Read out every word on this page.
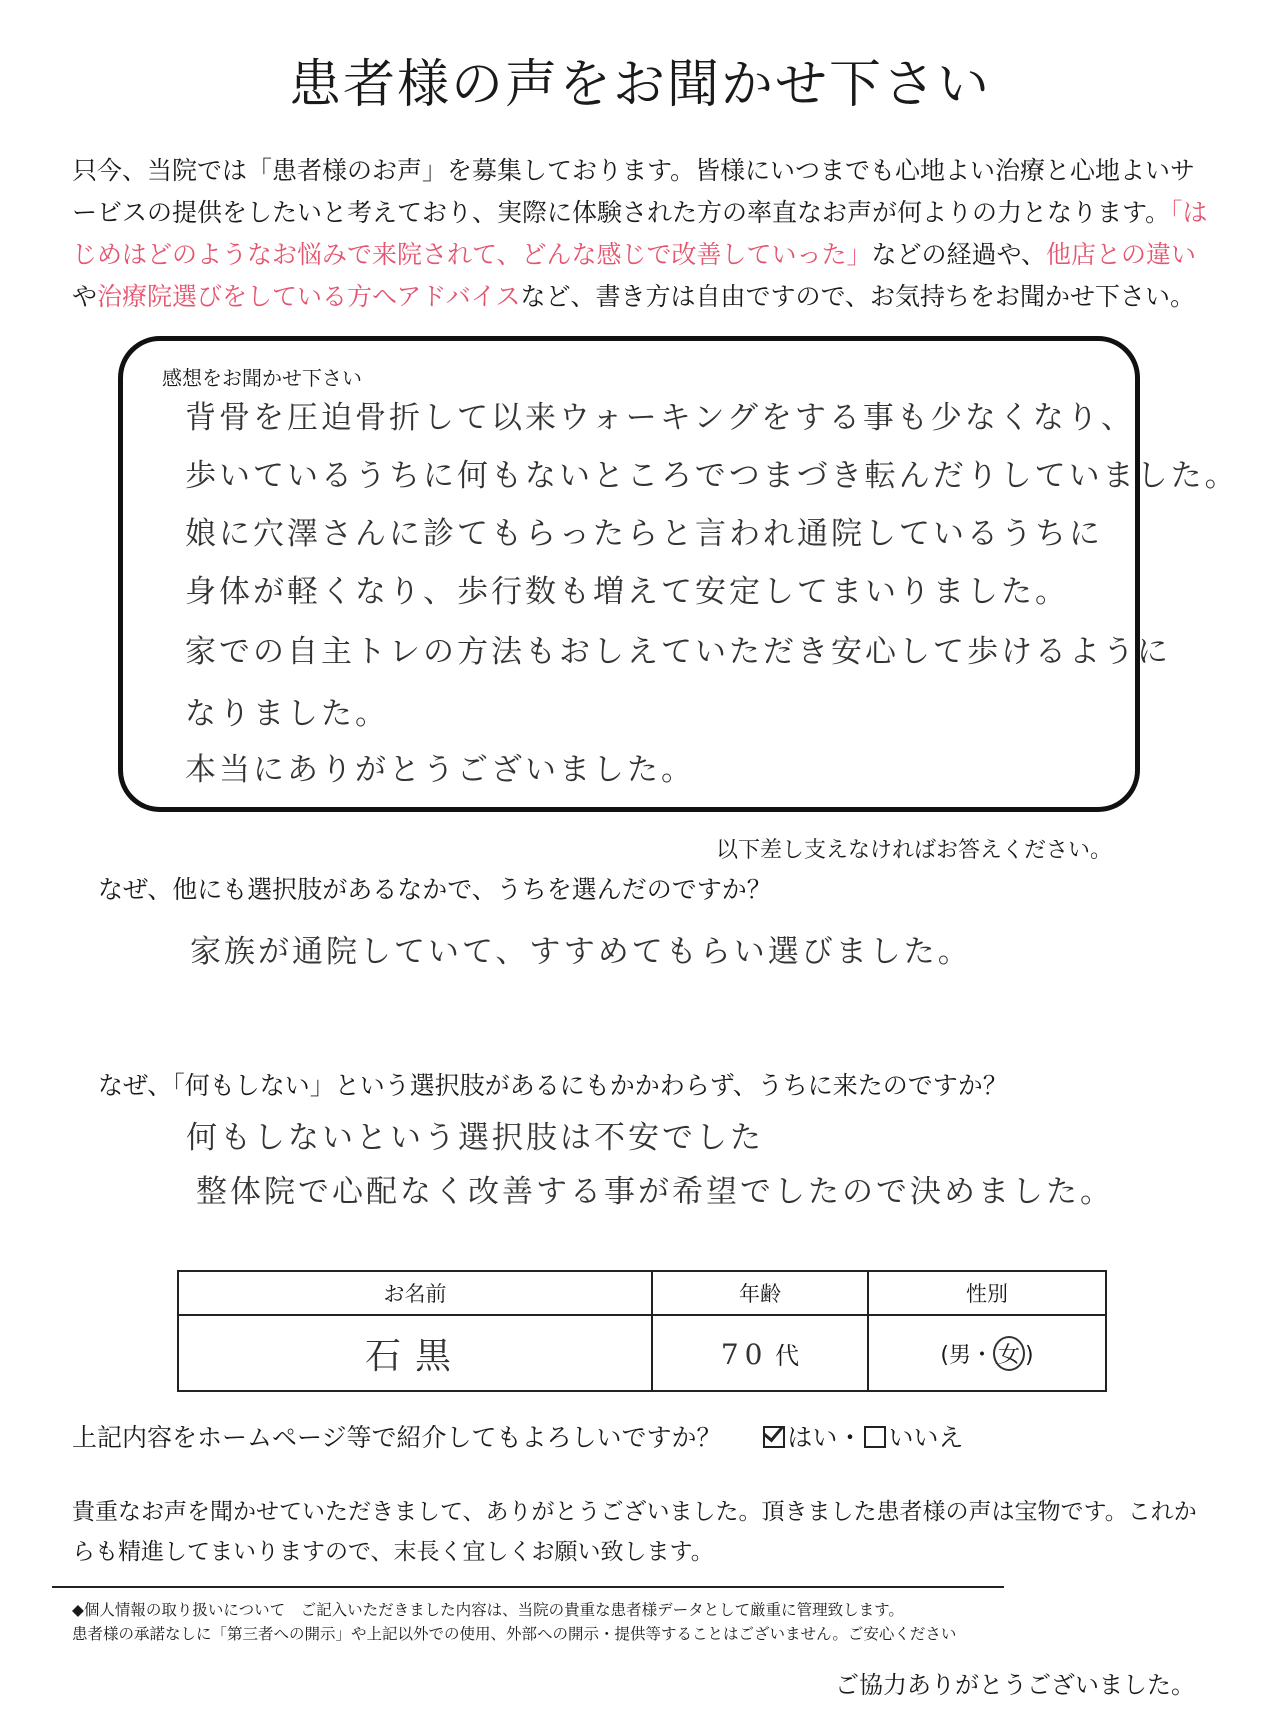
患者様の声をお聞かせ下さい
只今、当院では「患者様のお声」を募集しております。皆様にいつまでも心地よい治療と心地よいサービスの提供をしたいと考えており、実際に体験された方の率直なお声が何よりの力となります。「はじめはどのようなお悩みで来院されて、どんな感じで改善していった」などの経過や、他店との違いや治療院選びをしている方へアドバイスなど、書き方は自由ですので、お気持ちをお聞かせ下さい。
感想をお聞かせ下さい
背骨を圧迫骨折して以来ウォーキングをする事も少なくなり、
歩いているうちに何もないところでつまづき転んだりしていました。
娘に穴澤さんに診てもらったらと言われ通院しているうちに
身体が軽くなり、歩行数も増えて安定してまいりました。
家での自主トレの方法もおしえていただき安心して歩けるように
なりました。
本当にありがとうございました。
以下差し支えなければお答えください。
なぜ、他にも選択肢があるなかで、うちを選んだのですか？
家族が通院していて、すすめてもらい選びました。
なぜ、「何もしない」という選択肢があるにもかかわらず、うちに来たのですか？
何もしないという選択肢は不安でした
整体院で心配なく改善する事が希望でしたので決めました。
お名前	年齢	性別
石黒	70 代	(男・ 女 )
上記内容をホームページ等で紹介してもよろしいですか？	はい・ いいえ
貴重なお声を聞かせていただきまして、ありがとうございました。頂きました患者様の声は宝物です。これからも精進してまいりますので、末長く宜しくお願い致します。
◆個人情報の取り扱いについて　ご記入いただきました内容は、当院の貴重な患者様データとして厳重に管理致します。
患者様の承諾なしに「第三者への開示」や上記以外での使用、外部への開示・提供等することはございません。ご安心ください
ご協力ありがとうございました。
